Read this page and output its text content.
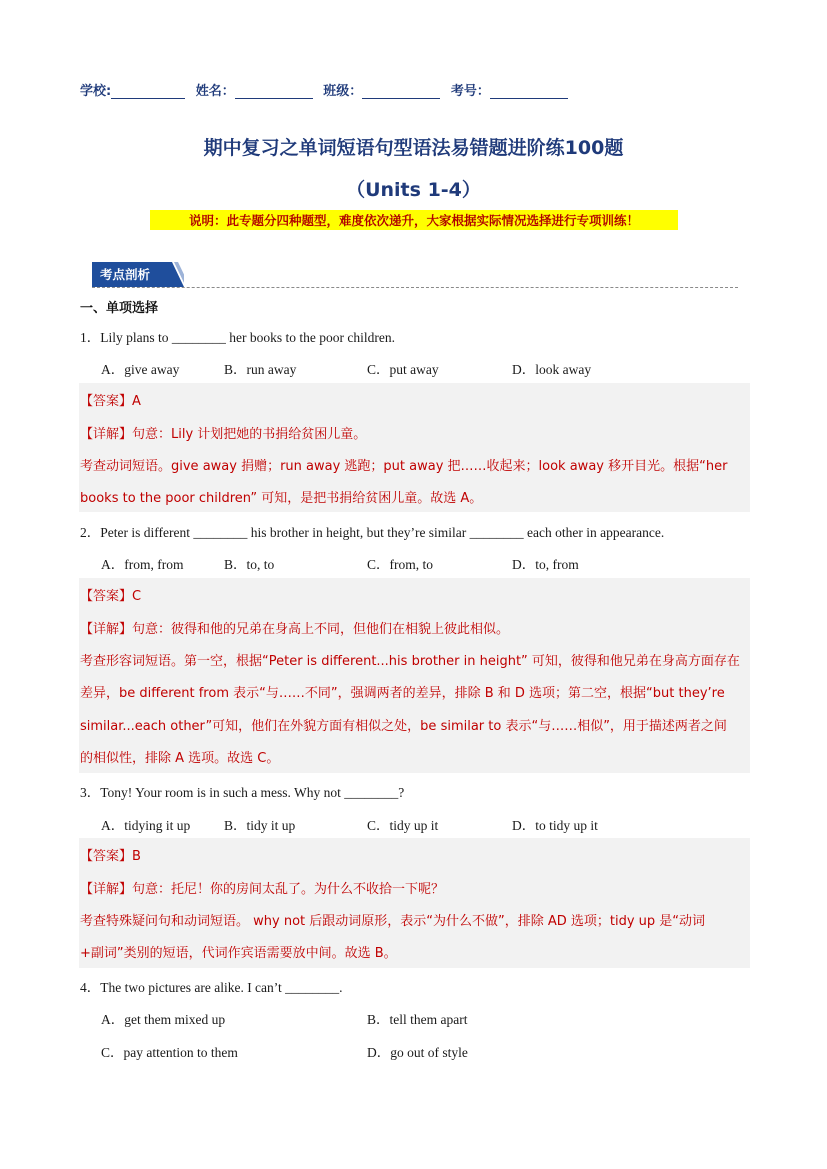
学校:	姓名：	班级：	考号：
期中复习之单词短语句型语法易错题进阶练100题
（Units 1-4）
说明：此专题分四种题型，难度依次递升，大家根据实际情况选择进行专项训练！
考点剖析
一、单项选择
1．Lily plans to ________ her books to the poor children.
A．give away	B．run away	C．put away	D．look away
【答案】A
【详解】句意：Lily 计划把她的书捐给贫困儿童。
考查动词短语。give away 捐赠；run away 逃跑；put away 把……收起来；look away 移开目光。根据“her
books to the poor children” 可知，是把书捐给贫困儿童。故选 A。
2．Peter is different ________ his brother in height, but they’re similar ________ each other in appearance.
A．from, from	B．to, to	C．from, to	D．to, from
【答案】C
【详解】句意：彼得和他的兄弟在身高上不同，但他们在相貌上彼此相似。
考查形容词短语。第一空，根据“Peter is different...his brother in height” 可知，彼得和他兄弟在身高方面存在
差异，be different from 表示“与……不同”，强调两者的差异，排除 B 和 D 选项；第二空，根据“but they’re
similar...each other”可知，他们在外貌方面有相似之处，be similar to 表示“与……相似”，用于描述两者之间
的相似性，排除 A 选项。故选 C。
3．Tony! Your room is in such a mess. Why not ________?
A．tidying it up B．tidy it up	C．tidy up it	D．to tidy up it
【答案】B
【详解】句意：托尼！你的房间太乱了。为什么不收拾一下呢？
考查特殊疑问句和动词短语。 why not 后跟动词原形，表示“为什么不做”，排除 AD 选项；tidy up 是“动词
+副词”类别的短语，代词作宾语需要放中间。故选 B。
4．The two pictures are alike. I can’t ________.
A．get them mixed up	B．tell them apart
C．pay attention to them	D．go out of style
